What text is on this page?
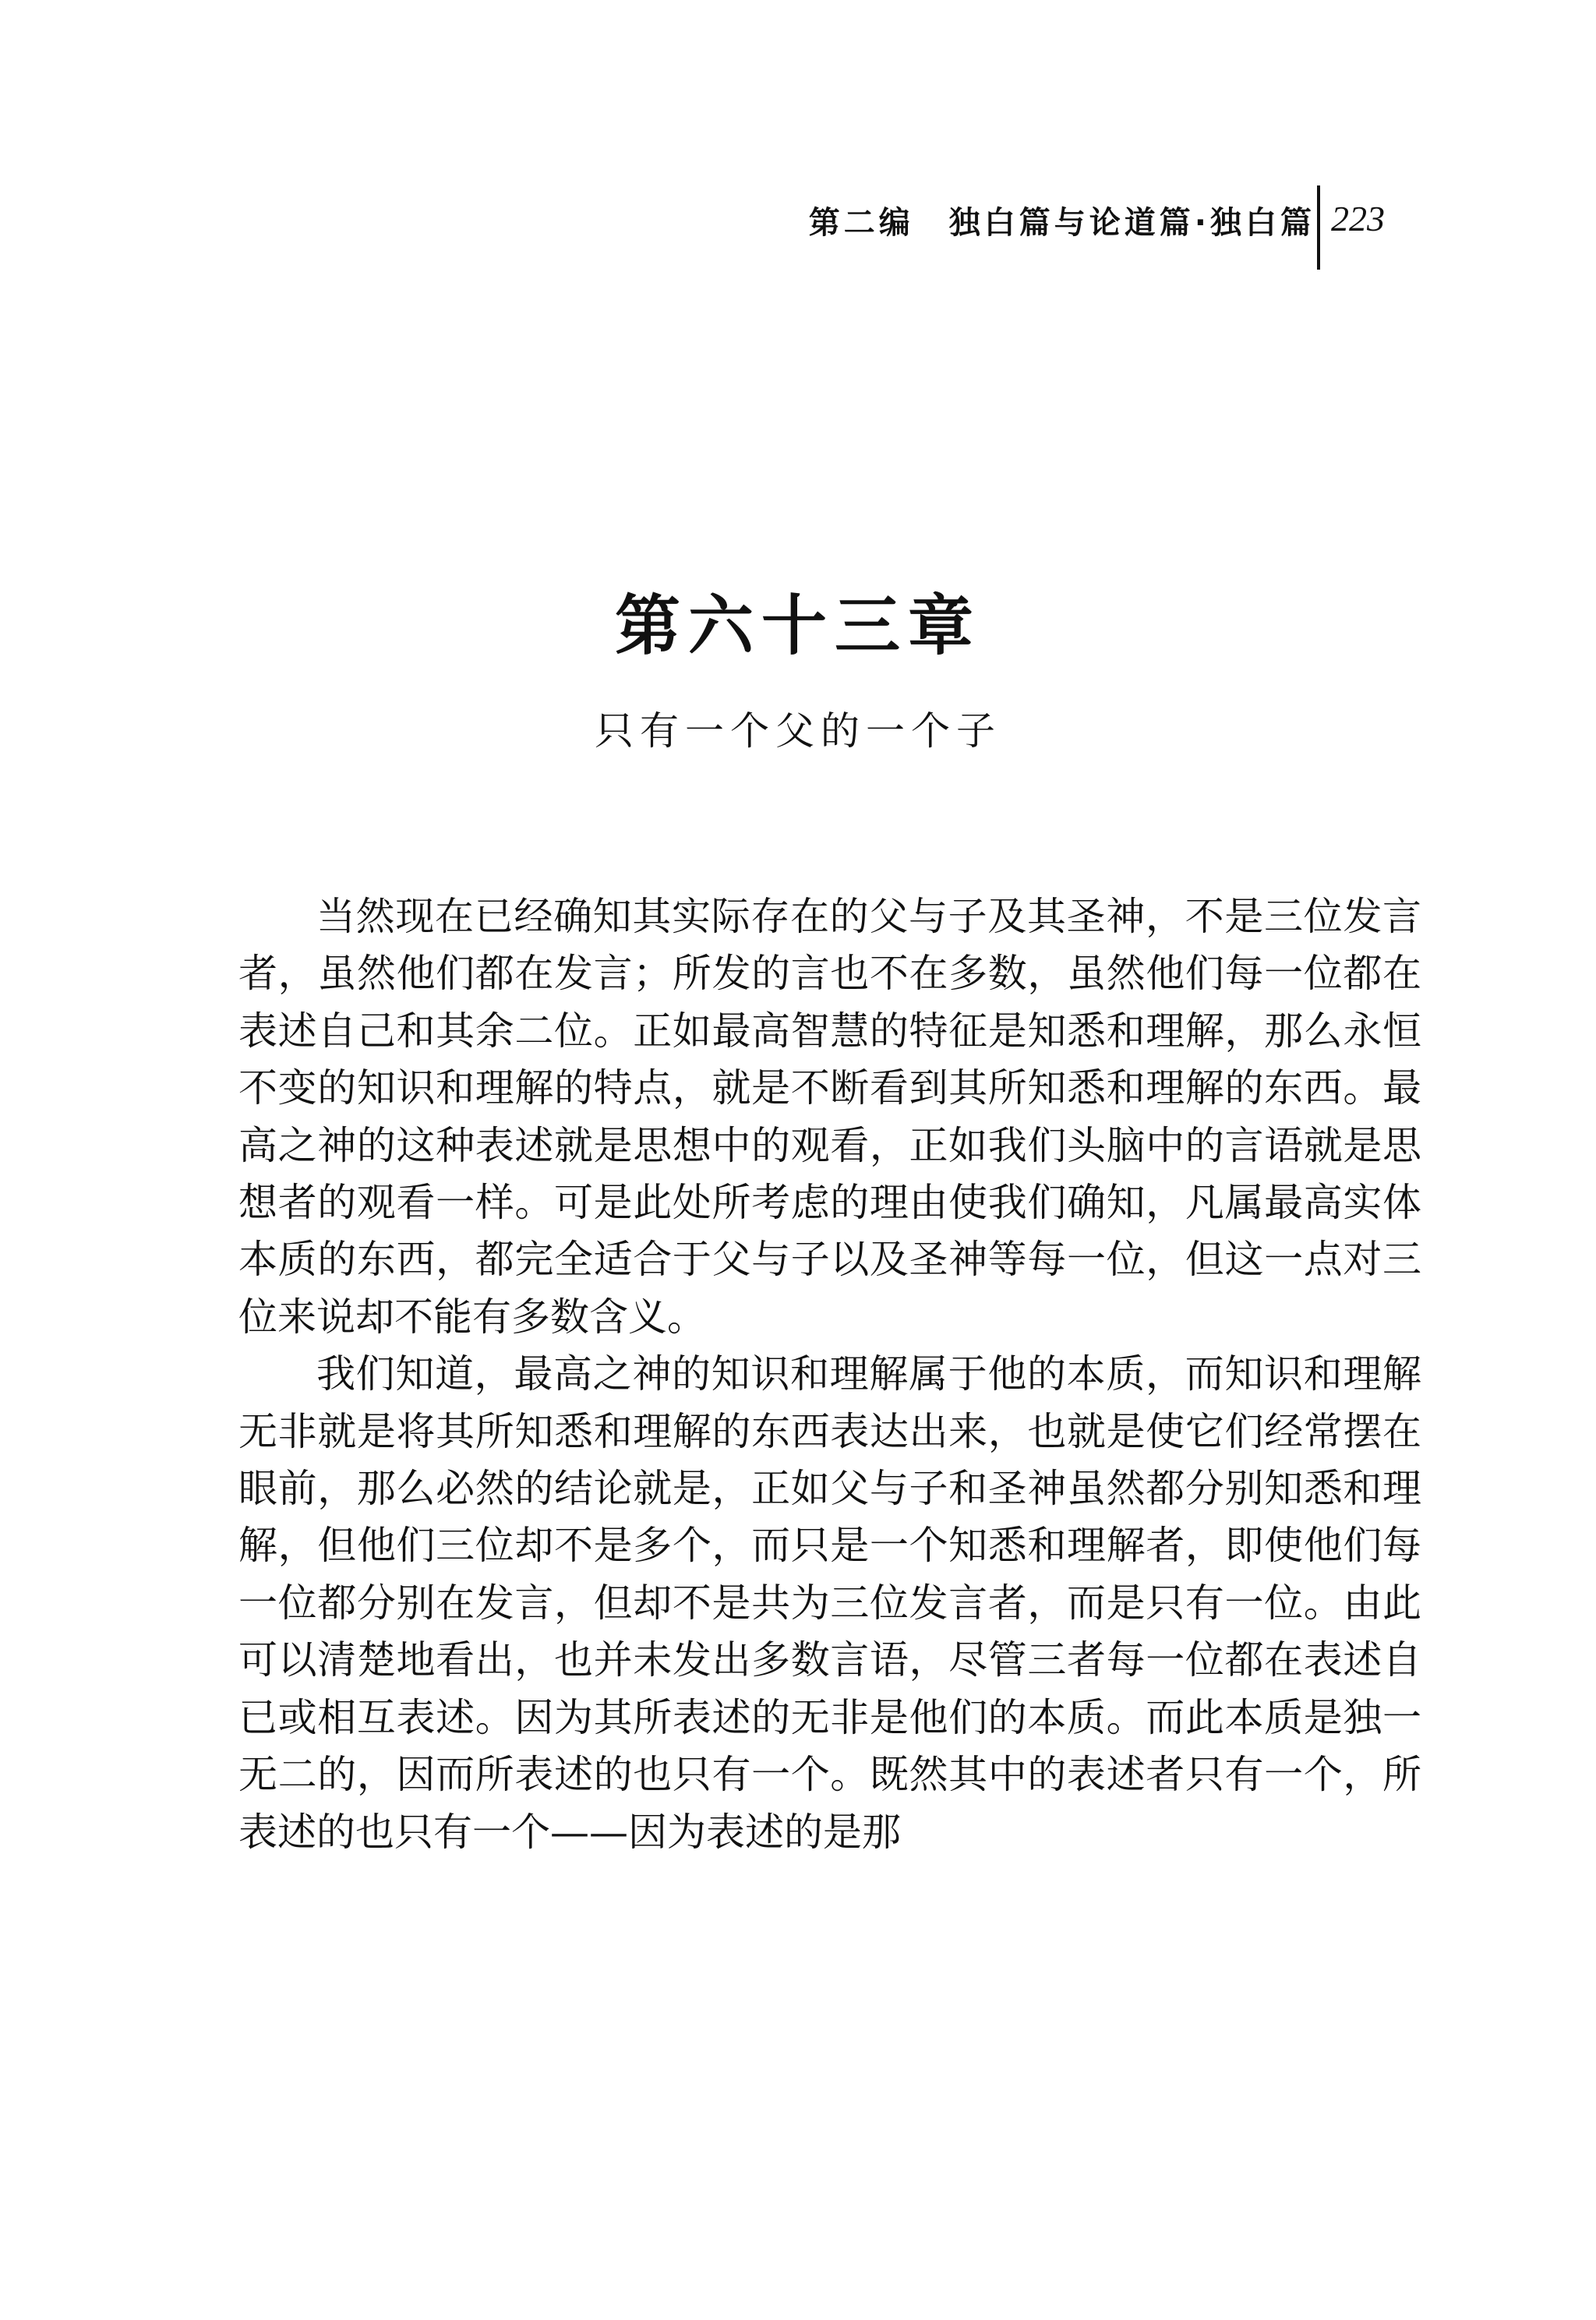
第二编　独白篇与论道篇·独白篇 223
第六十三章
只有一个父的一个子

当然现在已经确知其实际存在的父与子及其圣神，不是三位发言者，虽然他们都在发言；所发的言也不在多数，虽然他们每一位都在表述自己和其余二位。正如最高智慧的特征是知悉和理解，那么永恒不变的知识和理解的特点，就是不断看到其所知悉和理解的东西。最高之神的这种表述就是思想中的观看，正如我们头脑中的言语就是思想者的观看一样。可是此处所考虑的理由使我们确知，凡属最高实体本质的东西，都完全适合于父与子以及圣神等每一位，但这一点对三位来说却不能有多数含义。

我们知道，最高之神的知识和理解属于他的本质，而知识和理解无非就是将其所知悉和理解的东西表达出来，也就是使它们经常摆在眼前，那么必然的结论就是，正如父与子和圣神虽然都分别知悉和理解，但他们三位却不是多个，而只是一个知悉和理解者，即使他们每一位都分别在发言，但却不是共为三位发言者，而是只有一位。由此可以清楚地看出，也并未发出多数言语，尽管三者每一位都在表述自已或相互表述。因为其所表述的无非是他们的本质。而此本质是独一无二的，因而所表述的也只有一个。既然其中的表述者只有一个，所表述的也只有一个——因为表述的是那
